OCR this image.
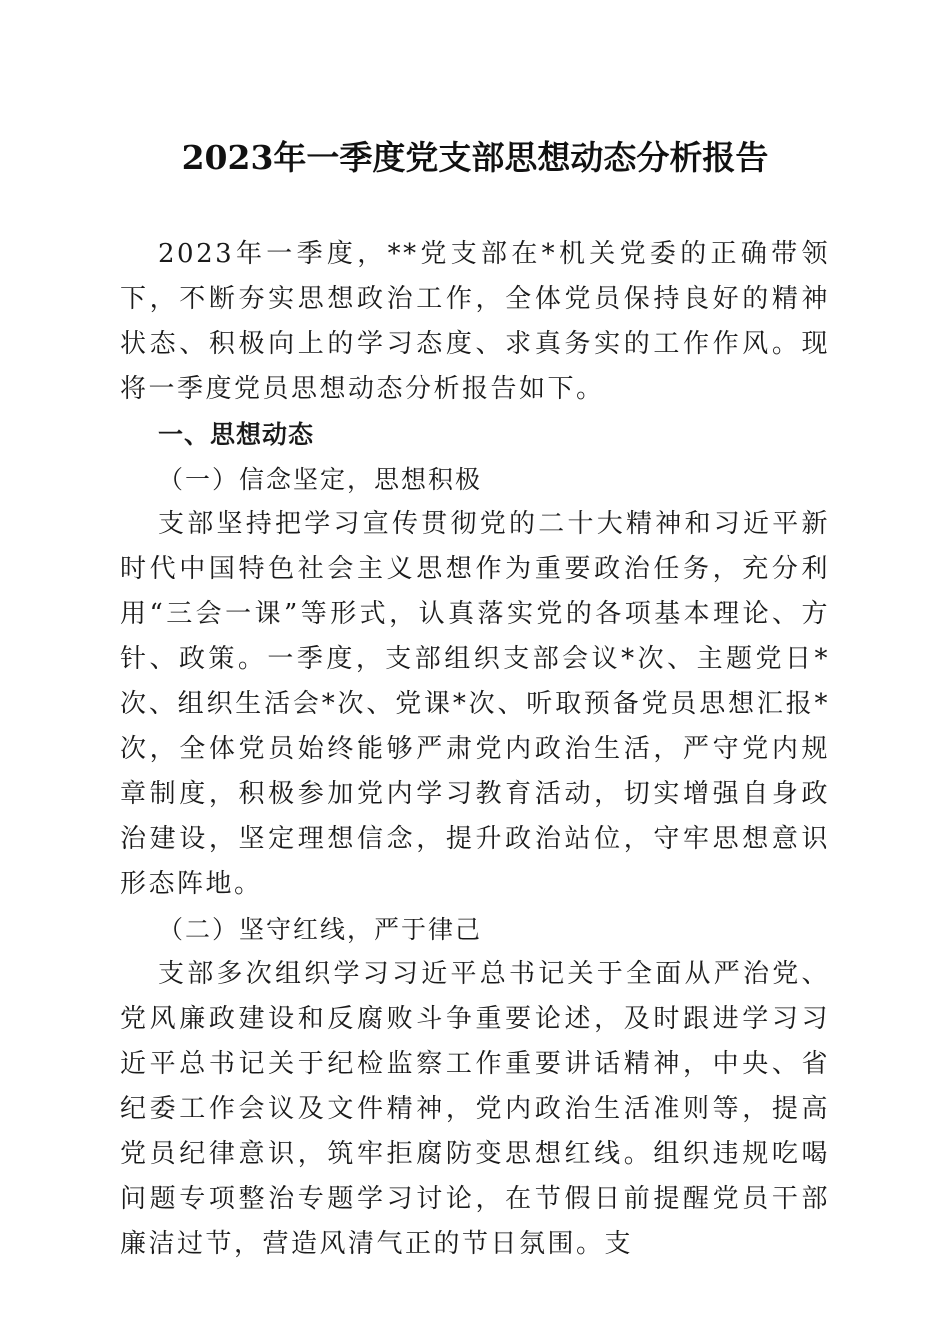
2023年一季度党支部思想动态分析报告

2023年一季度，**党支部在*机关党委的正确带领下，不断夯实思想政治工作，全体党员保持良好的精神状态、积极向上的学习态度、求真务实的工作作风。现将一季度党员思想动态分析报告如下。

一、思想动态

（一）信念坚定，思想积极

支部坚持把学习宣传贯彻党的二十大精神和习近平新时代中国特色社会主义思想作为重要政治任务，充分利用“三会一课”等形式，认真落实党的各项基本理论、方针、政策。一季度，支部组织支部会议*次、主题党日*次、组织生活会*次、党课*次、听取预备党员思想汇报*次，全体党员始终能够严肃党内政治生活，严守党内规章制度，积极参加党内学习教育活动，切实增强自身政治建设，坚定理想信念，提升政治站位，守牢思想意识形态阵地。

（二）坚守红线，严于律己

支部多次组织学习习近平总书记关于全面从严治党、党风廉政建设和反腐败斗争重要论述，及时跟进学习习近平总书记关于纪检监察工作重要讲话精神，中央、省纪委工作会议及文件精神，党内政治生活准则等，提高党员纪律意识，筑牢拒腐防变思想红线。组织违规吃喝问题专项整治专题学习讨论，在节假日前提醒党员干部廉洁过节，营造风清气正的节日氛围。支
